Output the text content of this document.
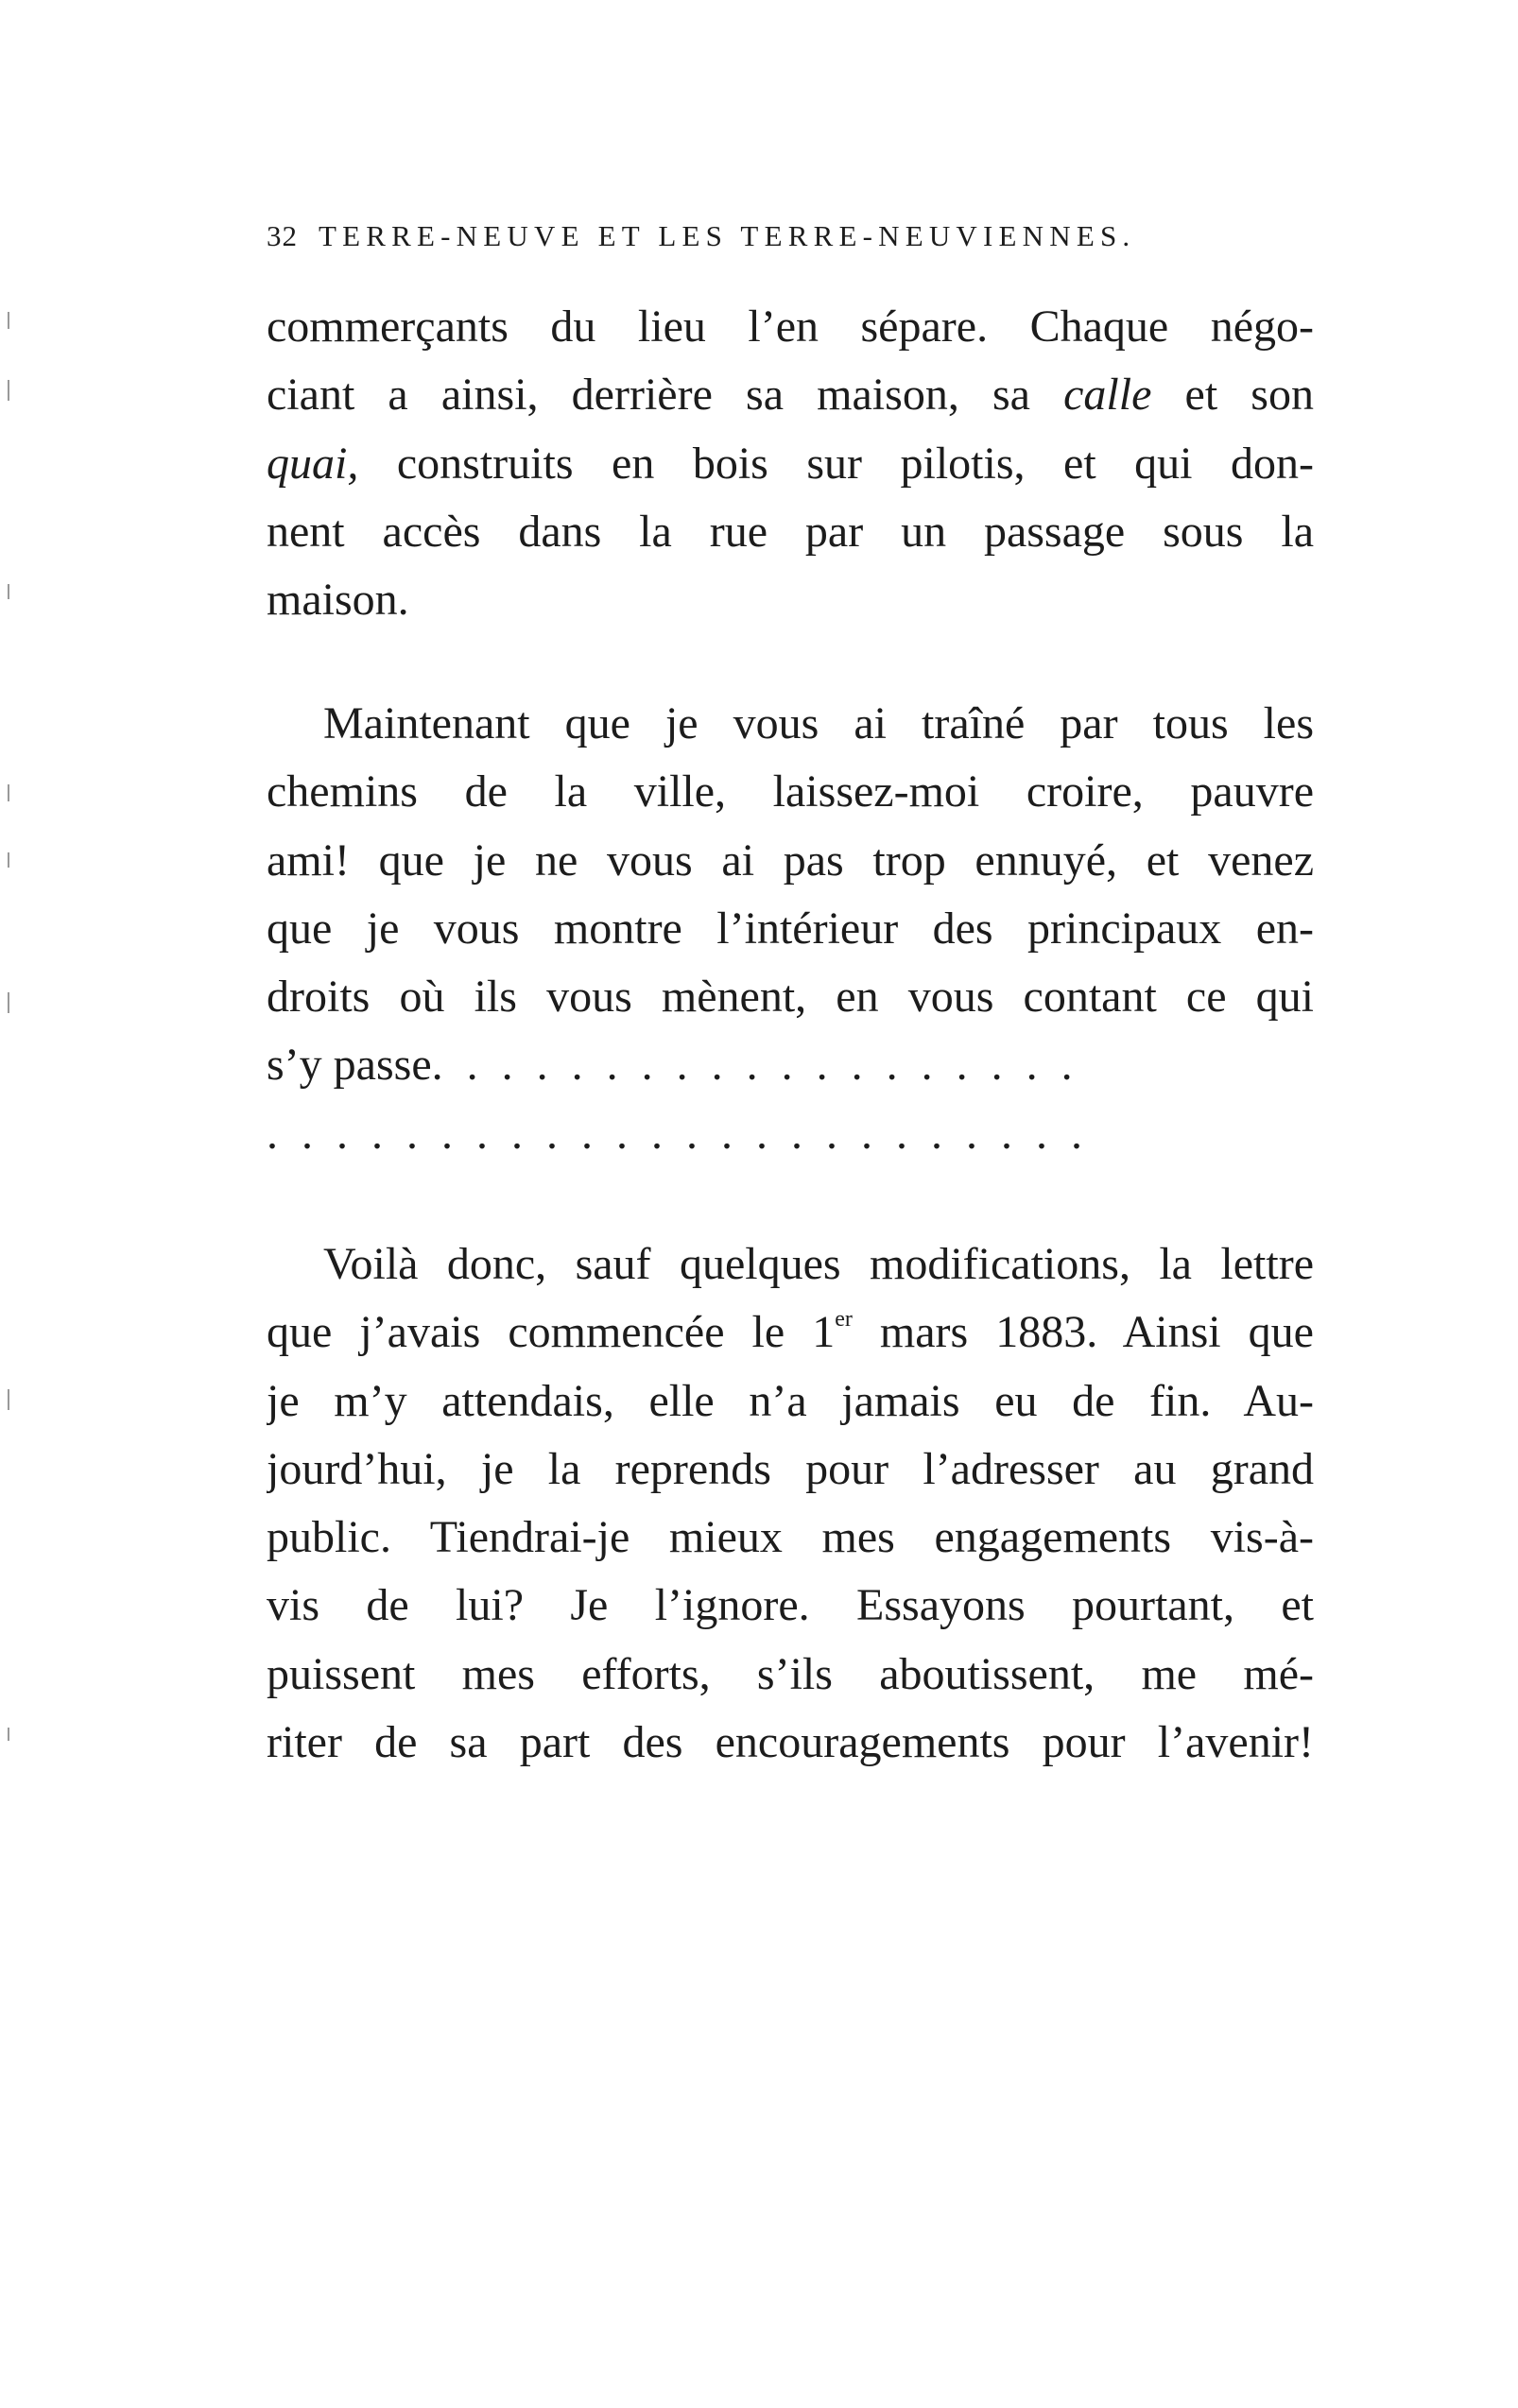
32 TERRE-NEUVE ET LES TERRE-NEUVIENNES.
commerçants du lieu l’en sépare. Chaque négo-
ciant a ainsi, derrière sa maison, sa calle et son
quai, construits en bois sur pilotis, et qui don-
nent accès dans la rue par un passage sous la
maison.
Maintenant que je vous ai traîné par tous les
chemins de la ville, laissez-moi croire, pauvre
ami! que je ne vous ai pas trop ennuyé, et venez
que je vous montre l’intérieur des principaux en-
droits où ils vous mènent, en vous contant ce qui
s’y passe...................
........................
Voilà donc, sauf quelques modifications, la lettre
que j’avais commencée le 1er mars 1883. Ainsi que
je m’y attendais, elle n’a jamais eu de fin. Au-
jourd’hui, je la reprends pour l’adresser au grand
public. Tiendrai-je mieux mes engagements vis-à-
vis de lui? Je l’ignore. Essayons pourtant, et
puissent mes efforts, s’ils aboutissent, me mé-
riter de sa part des encouragements pour l’avenir!
